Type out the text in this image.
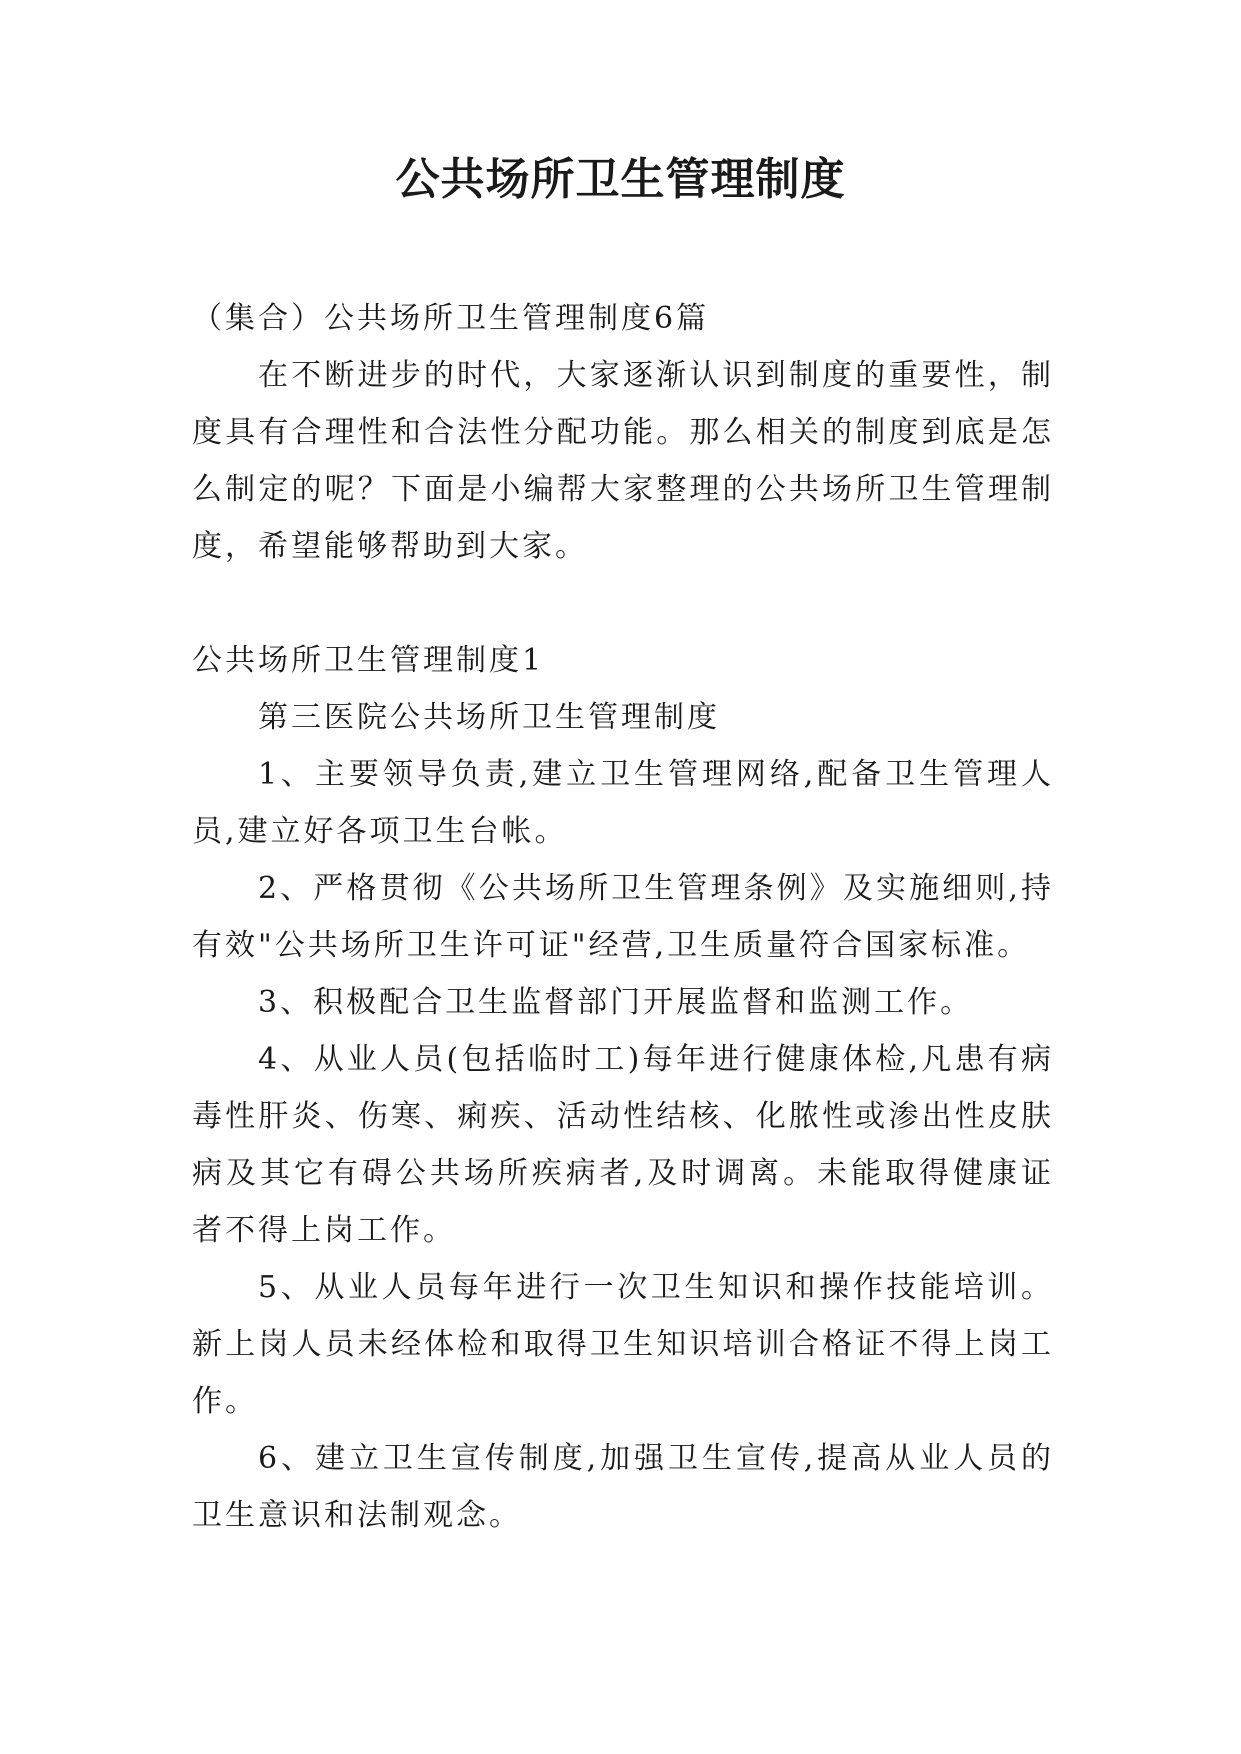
公共场所卫生管理制度

（集合）公共场所卫生管理制度6篇

在不断进步的时代，大家逐渐认识到制度的重要性，制度具有合理性和合法性分配功能。那么相关的制度到底是怎么制定的呢？下面是小编帮大家整理的公共场所卫生管理制度，希望能够帮助到大家。

公共场所卫生管理制度1

第三医院公共场所卫生管理制度

1、主要领导负责,建立卫生管理网络,配备卫生管理人员,建立好各项卫生台帐。

2、严格贯彻《公共场所卫生管理条例》及实施细则,持有效"公共场所卫生许可证"经营,卫生质量符合国家标准。

3、积极配合卫生监督部门开展监督和监测工作。

4、从业人员(包括临时工)每年进行健康体检,凡患有病毒性肝炎、伤寒、痢疾、活动性结核、化脓性或渗出性皮肤病及其它有碍公共场所疾病者,及时调离。未能取得健康证者不得上岗工作。

5、从业人员每年进行一次卫生知识和操作技能培训。新上岗人员未经体检和取得卫生知识培训合格证不得上岗工作。

6、建立卫生宣传制度,加强卫生宣传,提高从业人员的卫生意识和法制观念。
